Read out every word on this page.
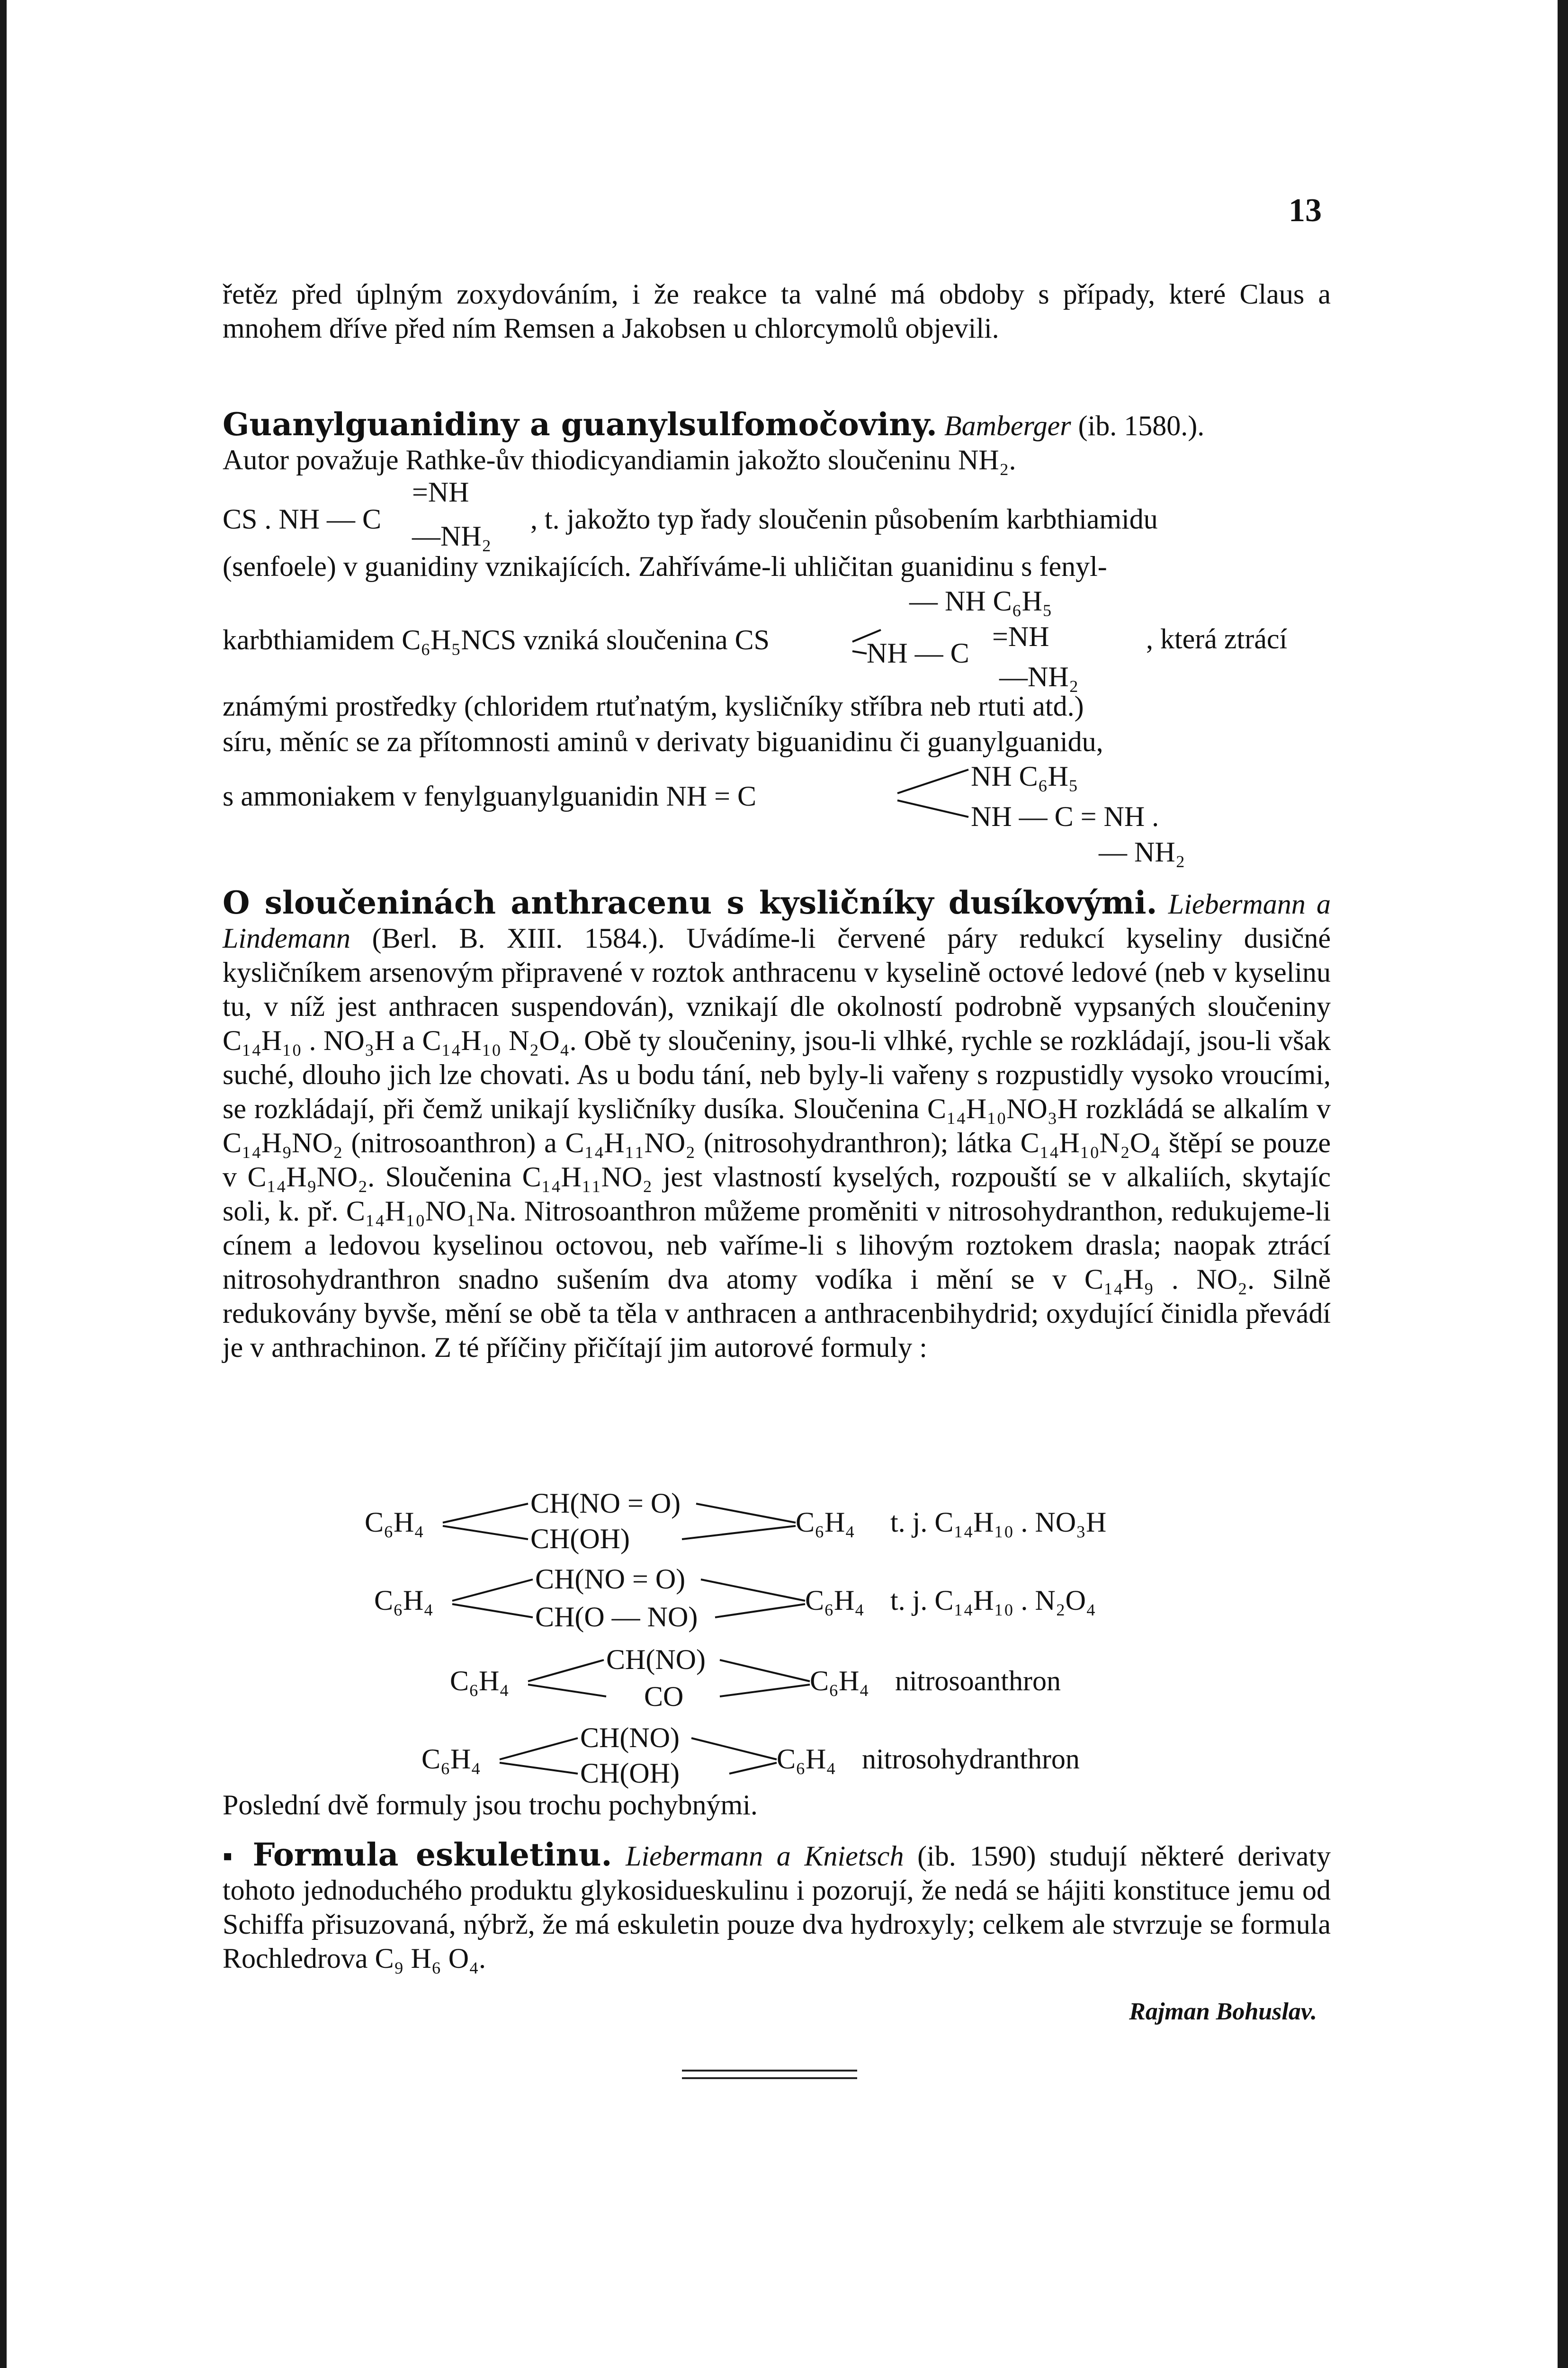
13
řetěz před úplným zoxydováním, i že reakce ta valné má obdoby s případy, které Claus a mnohem dříve před ním Remsen a Jakobsen u chlorcymolů objevili.
Guanylguanidiny a guanylsulfomočoviny. Bamberger (ib. 1580.).
Autor považuje Rathke-ův thiodicyandiamin jakožto sloučeninu NH₂.
CS . NH — C
=NH
—NH₂
, t. jakožto typ řady sloučenin působením karbthiamidu
(senfoele) v guanidiny vznikajících. Zahříváme-li uhličitan guanidinu s fenyl-
— NH C₆H₅
karbthiamidem C₆H₅NCS vzniká sloučenina CS	NH — C
=NH
—NH₂
, která ztrácí
známými prostředky (chloridem rtuťnatým, kysličníky stříbra neb rtuti atd.)
síru, měníc se za přítomnosti aminů v derivaty biguanidinu či guanylguanidu,
s ammoniakem v fenylguanylguanidin NH = C
NH C₆H₅
NH — C = NH .
— NH₂
O sloučeninách anthracenu s kysličníky dusíkovými. Liebermann a Lindemann (Berl. B. XIII. 1584.). Uvádíme-li červené páry redukcí kyseliny dusičné kysličníkem arsenovým připravené v roztok anthracenu v kyselině octové ledové (neb v kyselinu tu, v níž jest anthracen suspendován), vznikají dle okolností podrobně vypsaných sloučeniny C₁₄H₁₀ . NO₃H a C₁₄H₁₀ N₂O₄. Obě ty sloučeniny, jsou-li vlhké, rychle se rozkládají, jsou-li však suché, dlouho jich lze chovati. As u bodu tání, neb byly-li vařeny s rozpustidly vysoko vroucími, se rozkládají, při čemž unikají kysličníky dusíka. Sloučenina C₁₄H₁₀NO₃H rozkládá se alkalím v C₁₄H₉NO₂ (nitrosoanthron) a C₁₄H₁₁NO₂ (nitrosohydranthron); látka C₁₄H₁₀N₂O₄ štěpí se pouze v C₁₄H₉NO₂. Sloučenina C₁₄H₁₁NO₂ jest vlastností kyselých, rozpouští se v alkaliích, skytajíc soli, k. př. C₁₄H₁₀NO₁Na. Nitrosoanthron můžeme proměniti v nitrosohydranthon, redukujeme-li cínem a ledovou kyselinou octovou, neb vaříme-li s lihovým roztokem drasla; naopak ztrácí nitrosohydranthron snadno sušením dva atomy vodíka i mění se v C₁₄H₉ . NO₂. Silně redukovány byvše, mění se obě ta těla v anthracen a anthracenbihydrid; oxydující činidla převádí je v anthrachinon. Z té příčiny přičítají jim autorové formuly :
C₆H₄
CH(NO = O)
CH(OH)
C₆H₄ t. j. C₁₄H₁₀ . NO₃H
C₆H₄
CH(NO = O)
CH(O — NO)
C₆H₄ t. j. C₁₄H₁₀ . N₂O₄
C₆H₄
CH(NO)
CO	C₆H₄ nitrosoanthron
C₆H₄
CH(NO)
CH(OH)	C₆H₄ nitrosohydranthron
Poslední dvě formuly jsou trochu pochybnými.
▪ Formula eskuletinu. Liebermann a Knietsch (ib. 1590) studují některé derivaty tohoto jednoduchého produktu glykosidueskulinu i pozorují, že nedá se hájiti konstituce jemu od Schiffa přisuzovaná, nýbrž, že má eskuletin pouze dva hydroxyly; celkem ale stvrzuje se formula Rochledrova C₉ H₆ O₄.
Rajman Bohuslav.
